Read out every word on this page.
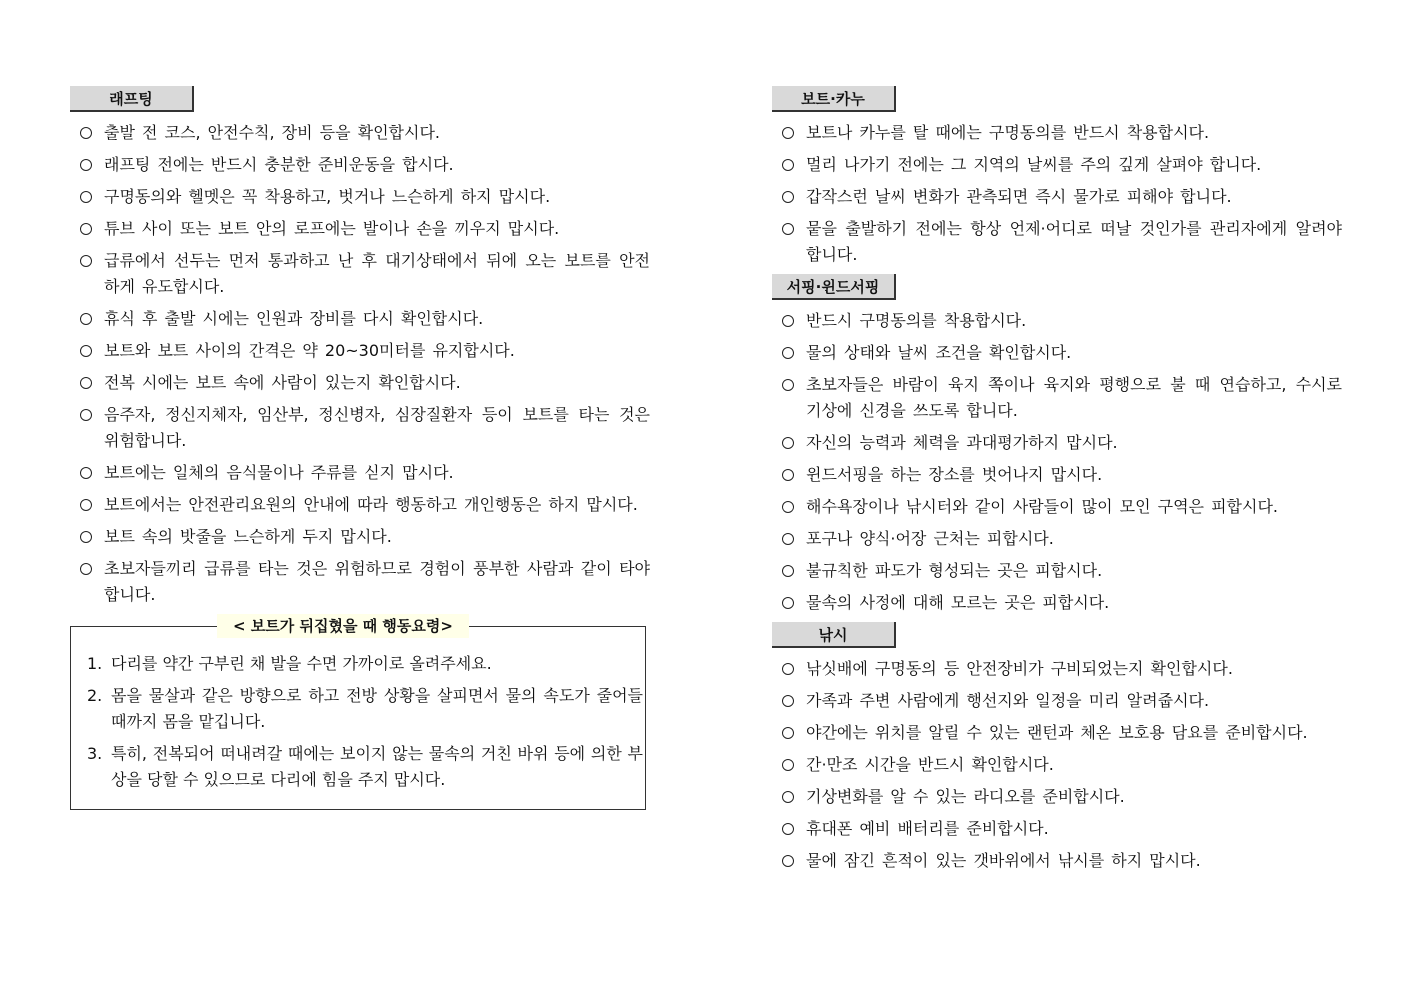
래프팅
출발 전 코스, 안전수칙, 장비 등을 확인합시다.
래프팅 전에는 반드시 충분한 준비운동을 합시다.
구명동의와 헬멧은 꼭 착용하고, 벗거나 느슨하게 하지 맙시다.
튜브 사이 또는 보트 안의 로프에는 발이나 손을 끼우지 맙시다.
급류에서 선두는 먼저 통과하고 난 후 대기상태에서 뒤에 오는 보트를 안전하게 유도합시다.
휴식 후 출발 시에는 인원과 장비를 다시 확인합시다.
보트와 보트 사이의 간격은 약 20~30미터를 유지합시다.
전복 시에는 보트 속에 사람이 있는지 확인합시다.
음주자, 정신지체자, 임산부, 정신병자, 심장질환자 등이 보트를 타는 것은 위험합니다.
보트에는 일체의 음식물이나 주류를 싣지 맙시다.
보트에서는 안전관리요원의 안내에 따라 행동하고 개인행동은 하지 맙시다.
보트 속의 밧줄을 느슨하게 두지 맙시다.
초보자들끼리 급류를 타는 것은 위험하므로 경험이 풍부한 사람과 같이 타야 합니다.
< 보트가 뒤집혔을 때 행동요령>
1. 다리를 약간 구부린 채 발을 수면 가까이로 올려주세요.
2. 몸을 물살과 같은 방향으로 하고 전방 상황을 살피면서 물의 속도가 줄어들 때까지 몸을 맡깁니다.
3. 특히, 전복되어 떠내려갈 때에는 보이지 않는 물속의 거친 바위 등에 의한 부상을 당할 수 있으므로 다리에 힘을 주지 맙시다.
보트·카누
보트나 카누를 탈 때에는 구명동의를 반드시 착용합시다.
멀리 나가기 전에는 그 지역의 날씨를 주의 깊게 살펴야 합니다.
갑작스런 날씨 변화가 관측되면 즉시 물가로 피해야 합니다.
뭍을 출발하기 전에는 항상 언제·어디로 떠날 것인가를 관리자에게 알려야 합니다.
서핑·윈드서핑
반드시 구명동의를 착용합시다.
물의 상태와 날씨 조건을 확인합시다.
초보자들은 바람이 육지 쪽이나 육지와 평행으로 불 때 연습하고, 수시로 기상에 신경을 쓰도록 합니다.
자신의 능력과 체력을 과대평가하지 맙시다.
윈드서핑을 하는 장소를 벗어나지 맙시다.
해수욕장이나 낚시터와 같이 사람들이 많이 모인 구역은 피합시다.
포구나 양식·어장 근처는 피합시다.
불규칙한 파도가 형성되는 곳은 피합시다.
물속의 사정에 대해 모르는 곳은 피합시다.
낚시
낚싯배에 구명동의 등 안전장비가 구비되었는지 확인합시다.
가족과 주변 사람에게 행선지와 일정을 미리 알려줍시다.
야간에는 위치를 알릴 수 있는 랜턴과 체온 보호용 담요를 준비합시다.
간·만조 시간을 반드시 확인합시다.
기상변화를 알 수 있는 라디오를 준비합시다.
휴대폰 예비 배터리를 준비합시다.
물에 잠긴 흔적이 있는 갯바위에서 낚시를 하지 맙시다.
